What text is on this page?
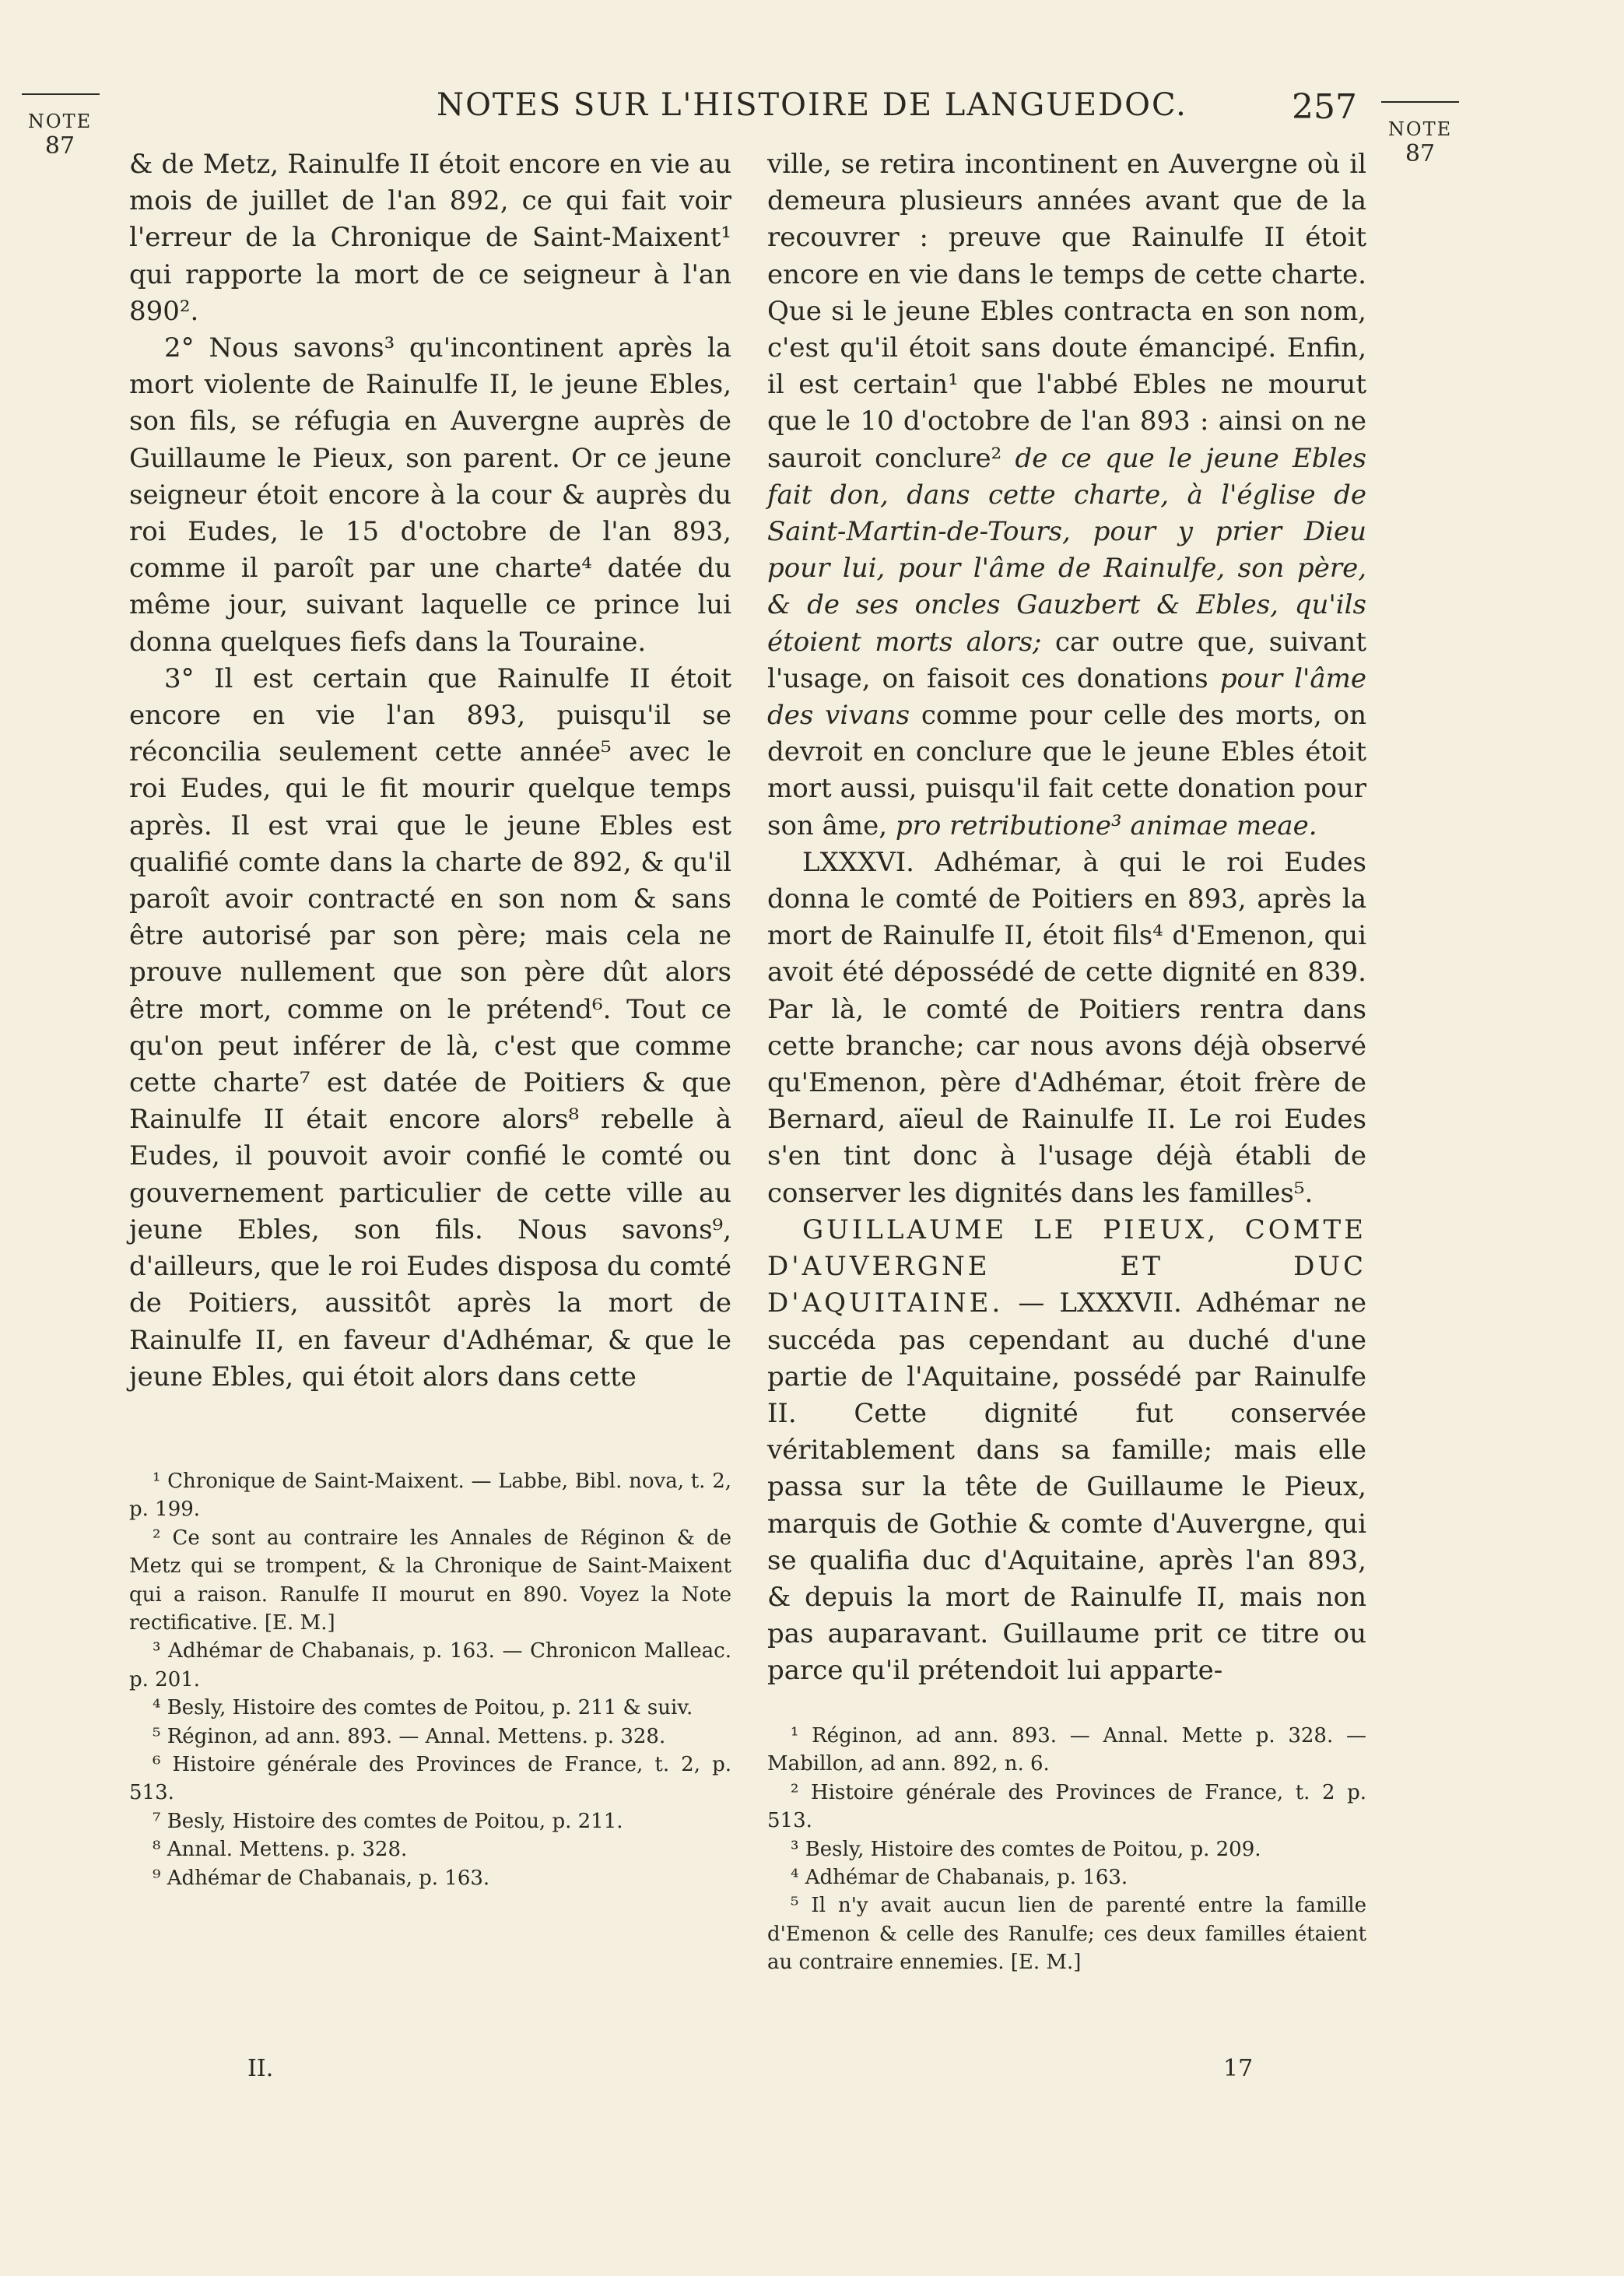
NOTES SUR L'HISTOIRE DE LANGUEDOC.	257
NOTE
87
NOTE
87

& de Metz, Rainulfe II étoit encore en vie au mois de juillet de l'an 892, ce qui fait voir l'erreur de la Chronique de Saint-Maixent¹ qui rapporte la mort de ce seigneur à l'an 890².

2° Nous savons³ qu'incontinent après la mort violente de Rainulfe II, le jeune Ebles, son fils, se réfugia en Auvergne auprès de Guillaume le Pieux, son parent. Or ce jeune seigneur étoit encore à la cour & auprès du roi Eudes, le 15 d'octobre de l'an 893, comme il paroît par une charte⁴ datée du même jour, suivant laquelle ce prince lui donna quelques fiefs dans la Touraine.

3° Il est certain que Rainulfe II étoit encore en vie l'an 893, puisqu'il se réconcilia seulement cette année⁵ avec le roi Eudes, qui le fit mourir quelque temps après. Il est vrai que le jeune Ebles est qualifié comte dans la charte de 892, & qu'il paroît avoir contracté en son nom & sans être autorisé par son père; mais cela ne prouve nullement que son père dût alors être mort, comme on le prétend⁶. Tout ce qu'on peut inférer de là, c'est que comme cette charte⁷ est datée de Poitiers & que Rainulfe II était encore alors⁸ rebelle à Eudes, il pouvoit avoir confié le comté ou gouvernement particulier de cette ville au jeune Ebles, son fils. Nous savons⁹, d'ailleurs, que le roi Eudes disposa du comté de Poitiers, aussitôt après la mort de Rainulfe II, en faveur d'Adhémar, & que le jeune Ebles, qui étoit alors dans cette

ville, se retira incontinent en Auvergne où il demeura plusieurs années avant que de la recouvrer : preuve que Rainulfe II étoit encore en vie dans le temps de cette charte. Que si le jeune Ebles contracta en son nom, c'est qu'il étoit sans doute émancipé. Enfin, il est certain¹ que l'abbé Ebles ne mourut que le 10 d'octobre de l'an 893 : ainsi on ne sauroit conclure² de ce que le jeune Ebles fait don, dans cette charte, à l'église de Saint-Martin-de-Tours, pour y prier Dieu pour lui, pour l'âme de Rainulfe, son père, & de ses oncles Gauzbert & Ebles, qu'ils étoient morts alors; car outre que, suivant l'usage, on faisoit ces donations pour l'âme des vivans comme pour celle des morts, on devroit en conclure que le jeune Ebles étoit mort aussi, puisqu'il fait cette donation pour son âme, pro retributione³ animae meae.

LXXXVI. Adhémar, à qui le roi Eudes donna le comté de Poitiers en 893, après la mort de Rainulfe II, étoit fils⁴ d'Emenon, qui avoit été dépossédé de cette dignité en 839. Par là, le comté de Poitiers rentra dans cette branche; car nous avons déjà observé qu'Emenon, père d'Adhémar, étoit frère de Bernard, aïeul de Rainulfe II. Le roi Eudes s'en tint donc à l'usage déjà établi de conserver les dignités dans les familles⁵.

GUILLAUME LE PIEUX, COMTE D'AUVERGNE ET DUC D'AQUITAINE. — LXXXVII. Adhémar ne succéda pas cependant au duché d'une partie de l'Aquitaine, possédé par Rainulfe II. Cette dignité fut conservée véritablement dans sa famille; mais elle passa sur la tête de Guillaume le Pieux, marquis de Gothie & comte d'Auvergne, qui se qualifia duc d'Aquitaine, après l'an 893, & depuis la mort de Rainulfe II, mais non pas auparavant. Guillaume prit ce titre ou parce qu'il prétendoit lui apparte-

¹ Chronique de Saint-Maixent. — Labbe, Bibl. nova, t. 2, p. 199.

² Ce sont au contraire les Annales de Réginon & de Metz qui se trompent, & la Chronique de Saint-Maixent qui a raison. Ranulfe II mourut en 890. Voyez la Note rectificative. [E. M.]

³ Adhémar de Chabanais, p. 163. — Chronicon Malleac. p. 201.

⁴ Besly, Histoire des comtes de Poitou, p. 211 & suiv.

⁵ Réginon, ad ann. 893. — Annal. Mettens. p. 328.

⁶ Histoire générale des Provinces de France, t. 2, p. 513.

⁷ Besly, Histoire des comtes de Poitou, p. 211.

⁸ Annal. Mettens. p. 328.

⁹ Adhémar de Chabanais, p. 163.

¹ Réginon, ad ann. 893. — Annal. Mette p. 328. — Mabillon, ad ann. 892, n. 6.

² Histoire générale des Provinces de France, t. 2 p. 513.

³ Besly, Histoire des comtes de Poitou, p. 209.

⁴ Adhémar de Chabanais, p. 163.

⁵ Il n'y avait aucun lien de parenté entre la famille d'Emenon & celle des Ranulfe; ces deux familles étaient au contraire ennemies. [E. M.]

II.	17
